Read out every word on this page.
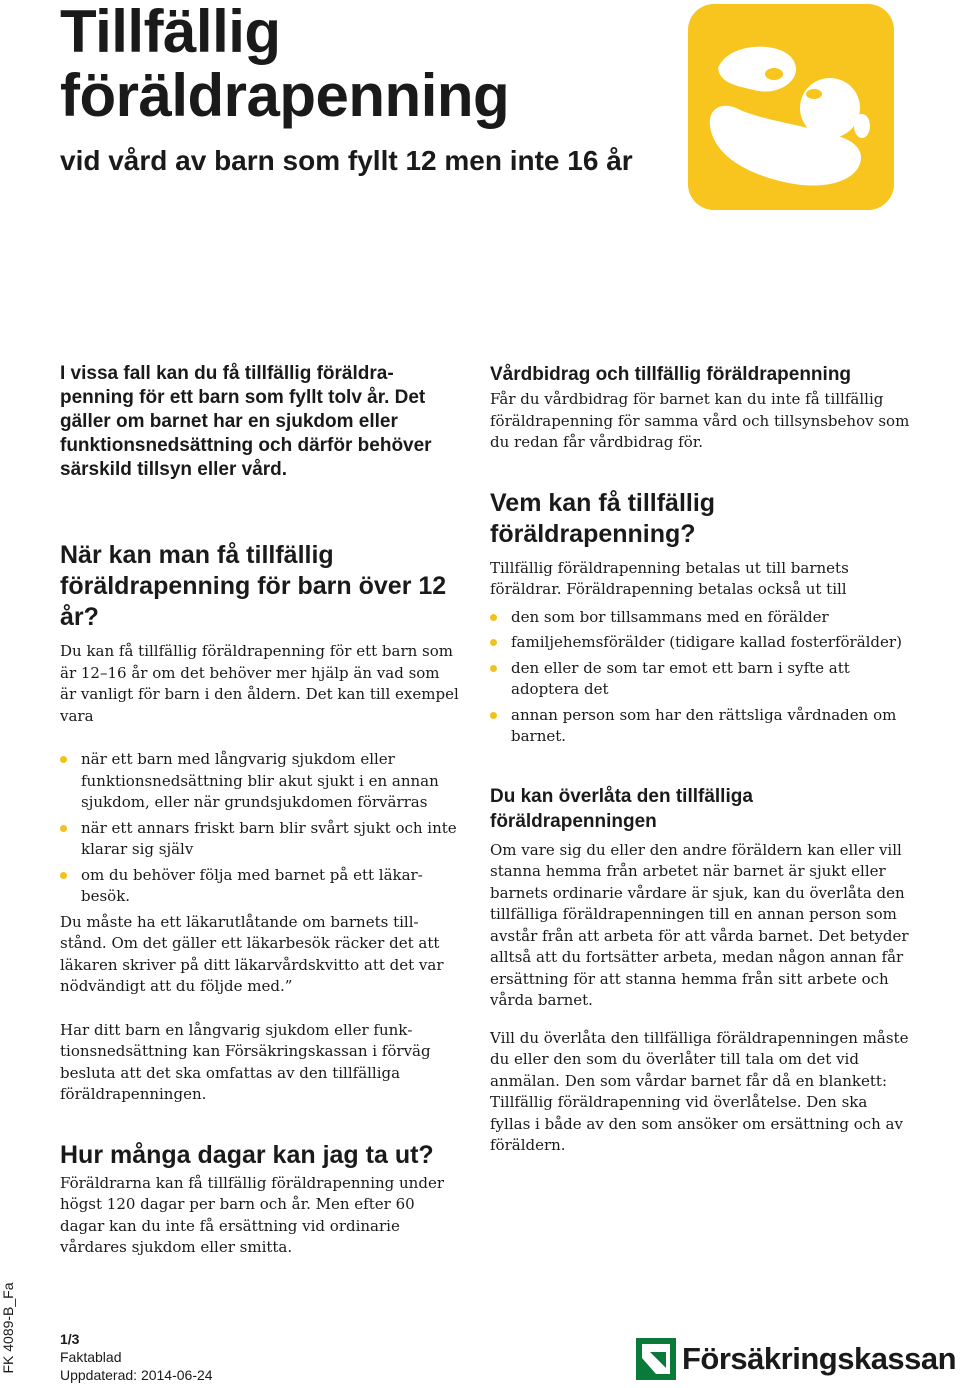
Tillfällig
föräldrapenning
vid vård av barn som fyllt 12 men inte 16 år

I vissa fall kan du få tillfällig föräldrapenning för ett barn som fyllt tolv år. Det gäller om barnet har en sjukdom eller funktionsnedsättning och därför behöver särskild tillsyn eller vård.

När kan man få tillfällig föräldrapenning för barn över 12 år?

Du kan få tillfällig föräldrapenning för ett barn som är 12–16 år om det behöver mer hjälp än vad som är vanligt för barn i den åldern. Det kan till exempel vara

när ett barn med långvarig sjukdom eller funktionsnedsättning blir akut sjukt i en annan sjukdom, eller när grundsjukdomen förvärras
när ett annars friskt barn blir svårt sjukt och inte klarar sig själv
om du behöver följa med barnet på ett läkarbesök.

Du måste ha ett läkarutlåtande om barnets tillstånd. Om det gäller ett läkarbesök räcker det att läkaren skriver på ditt läkarvårdskvitto att det var nödvändigt att du följde med.”

Har ditt barn en långvarig sjukdom eller funktionsnedsättning kan Försäkringskassan i förväg besluta att det ska omfattas av den tillfälliga föräldrapenningen.

Hur många dagar kan jag ta ut?

Föräldrarna kan få tillfällig föräldrapenning under högst 120 dagar per barn och år. Men efter 60 dagar kan du inte få ersättning vid ordinarie vårdares sjukdom eller smitta.

Vårdbidrag och tillfällig föräldrapenning

Får du vårdbidrag för barnet kan du inte få tillfällig föräldrapenning för samma vård och tillsynsbehov som du redan får vårdbidrag för.

Vem kan få tillfällig föräldrapenning?

Tillfällig föräldrapenning betalas ut till barnets föräldrar. Föräldrapenning betalas också ut till

den som bor tillsammans med en förälder
familjehemsförälder (tidigare kallad fosterförälder)
den eller de som tar emot ett barn i syfte att adoptera det
annan person som har den rättsliga vårdnaden om barnet.
Du kan överlåta den tillfälliga föräldrapenningen

Om vare sig du eller den andre föräldern kan eller vill stanna hemma från arbetet när barnet är sjukt eller barnets ordinarie vårdare är sjuk, kan du överlåta den tillfälliga föräldrapenningen till en annan person som avstår från att arbeta för att vårda barnet. Det betyder alltså att du fortsätter arbeta, medan någon annan får ersättning för att stanna hemma från sitt arbete och vårda barnet.

Vill du överlåta den tillfälliga föräldrapenningen måste du eller den som du överlåter till tala om det vid anmälan. Den som vårdar barnet får då en blankett: Tillfällig föräldrapenning vid överlåtelse. Den ska fyllas i både av den som ansöker om ersättning och av föräldern.

FK 4089-B_Fa	1/3
Faktablad
Uppdaterad: 2014-06-24	Försäkringskassan
